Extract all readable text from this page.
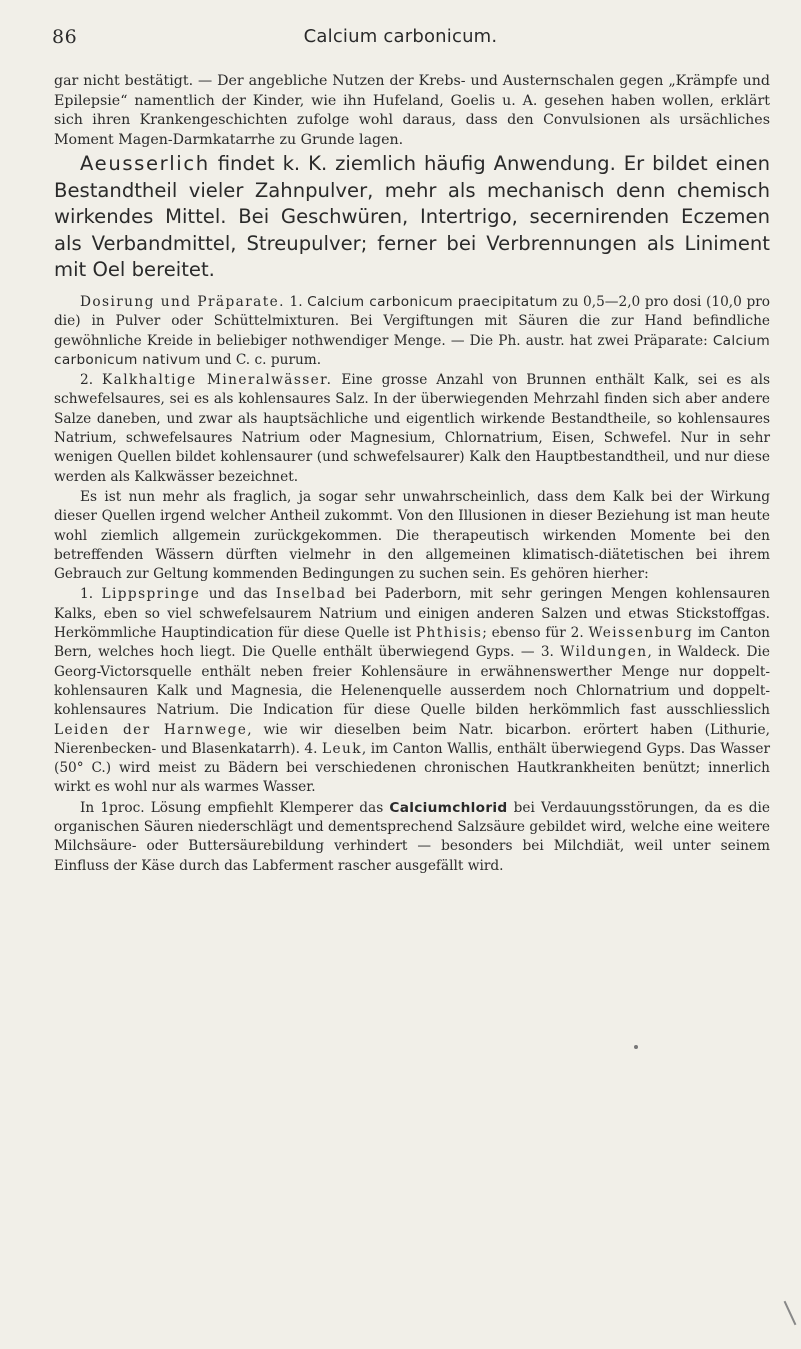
86	Calcium carbonicum.

gar nicht bestätigt. — Der angebliche Nutzen der Krebs- und Austernschalen gegen „Krämpfe und Epilepsie“ namentlich der Kinder, wie ihn Hufeland, Goelis u. A. gesehen haben wollen, erklärt sich ihren Krankengeschichten zufolge wohl daraus, dass den Convulsionen als ursächliches Moment Magen-Darmkatarrhe zu Grunde lagen.

Aeusserlich findet k. K. ziemlich häufig Anwendung. Er bildet einen Bestandtheil vieler Zahnpulver, mehr als mechanisch denn chemisch wirkendes Mittel. Bei Geschwüren, Intertrigo, secernirenden Eczemen als Verbandmittel, Streupulver; ferner bei Verbrennungen als Liniment mit Oel bereitet.

Dosirung und Präparate. 1. Calcium carbonicum praecipitatum zu 0,5—2,0 pro dosi (10,0 pro die) in Pulver oder Schüttelmixturen. Bei Vergiftungen mit Säuren die zur Hand befindliche gewöhnliche Kreide in beliebiger nothwendiger Menge. — Die Ph. austr. hat zwei Präparate: Calcium carbonicum nativum und C. c. purum.

2. Kalkhaltige Mineralwässer. Eine grosse Anzahl von Brunnen enthält Kalk, sei es als schwefelsaures, sei es als kohlensaures Salz. In der überwiegenden Mehrzahl finden sich aber andere Salze daneben, und zwar als hauptsächliche und eigentlich wirkende Bestandtheile, so kohlensaures Natrium, schwefelsaures Natrium oder Magnesium, Chlornatrium, Eisen, Schwefel. Nur in sehr wenigen Quellen bildet kohlensaurer (und schwefelsaurer) Kalk den Hauptbestandtheil, und nur diese werden als Kalkwässer bezeichnet.

Es ist nun mehr als fraglich, ja sogar sehr unwahrscheinlich, dass dem Kalk bei der Wirkung dieser Quellen irgend welcher Antheil zukommt. Von den Illusionen in dieser Beziehung ist man heute wohl ziemlich allgemein zurückgekommen. Die therapeutisch wirkenden Momente bei den betreffenden Wässern dürften vielmehr in den allgemeinen klimatisch-diätetischen bei ihrem Gebrauch zur Geltung kommenden Bedingungen zu suchen sein. Es gehören hierher:

1. Lippspringe und das Inselbad bei Paderborn, mit sehr geringen Mengen kohlensauren Kalks, eben so viel schwefelsaurem Natrium und einigen anderen Salzen und etwas Stickstoffgas. Herkömmliche Hauptindication für diese Quelle ist Phthisis; ebenso für 2. Weissenburg im Canton Bern, welches hoch liegt. Die Quelle enthält überwiegend Gyps. — 3. Wildungen, in Waldeck. Die Georg-Victorsquelle enthält neben freier Kohlensäure in erwähnenswerther Menge nur doppelt-kohlensauren Kalk und Magnesia, die Helenenquelle ausserdem noch Chlornatrium und doppelt-kohlensaures Natrium. Die Indication für diese Quelle bilden herkömmlich fast ausschliesslich Leiden der Harnwege, wie wir dieselben beim Natr. bicarbon. erörtert haben (Lithurie, Nierenbecken- und Blasenkatarrh). 4. Leuk, im Canton Wallis, enthält überwiegend Gyps. Das Wasser (50° C.) wird meist zu Bädern bei verschiedenen chronischen Hautkrankheiten benützt; innerlich wirkt es wohl nur als warmes Wasser.

In 1proc. Lösung empfiehlt Klemperer das Calciumchlorid bei Verdauungsstörungen, da es die organischen Säuren niederschlägt und dementsprechend Salzsäure gebildet wird, welche eine weitere Milchsäure- oder Buttersäurebildung verhindert — besonders bei Milchdiät, weil unter seinem Einfluss der Käse durch das Labferment rascher ausgefällt wird.
